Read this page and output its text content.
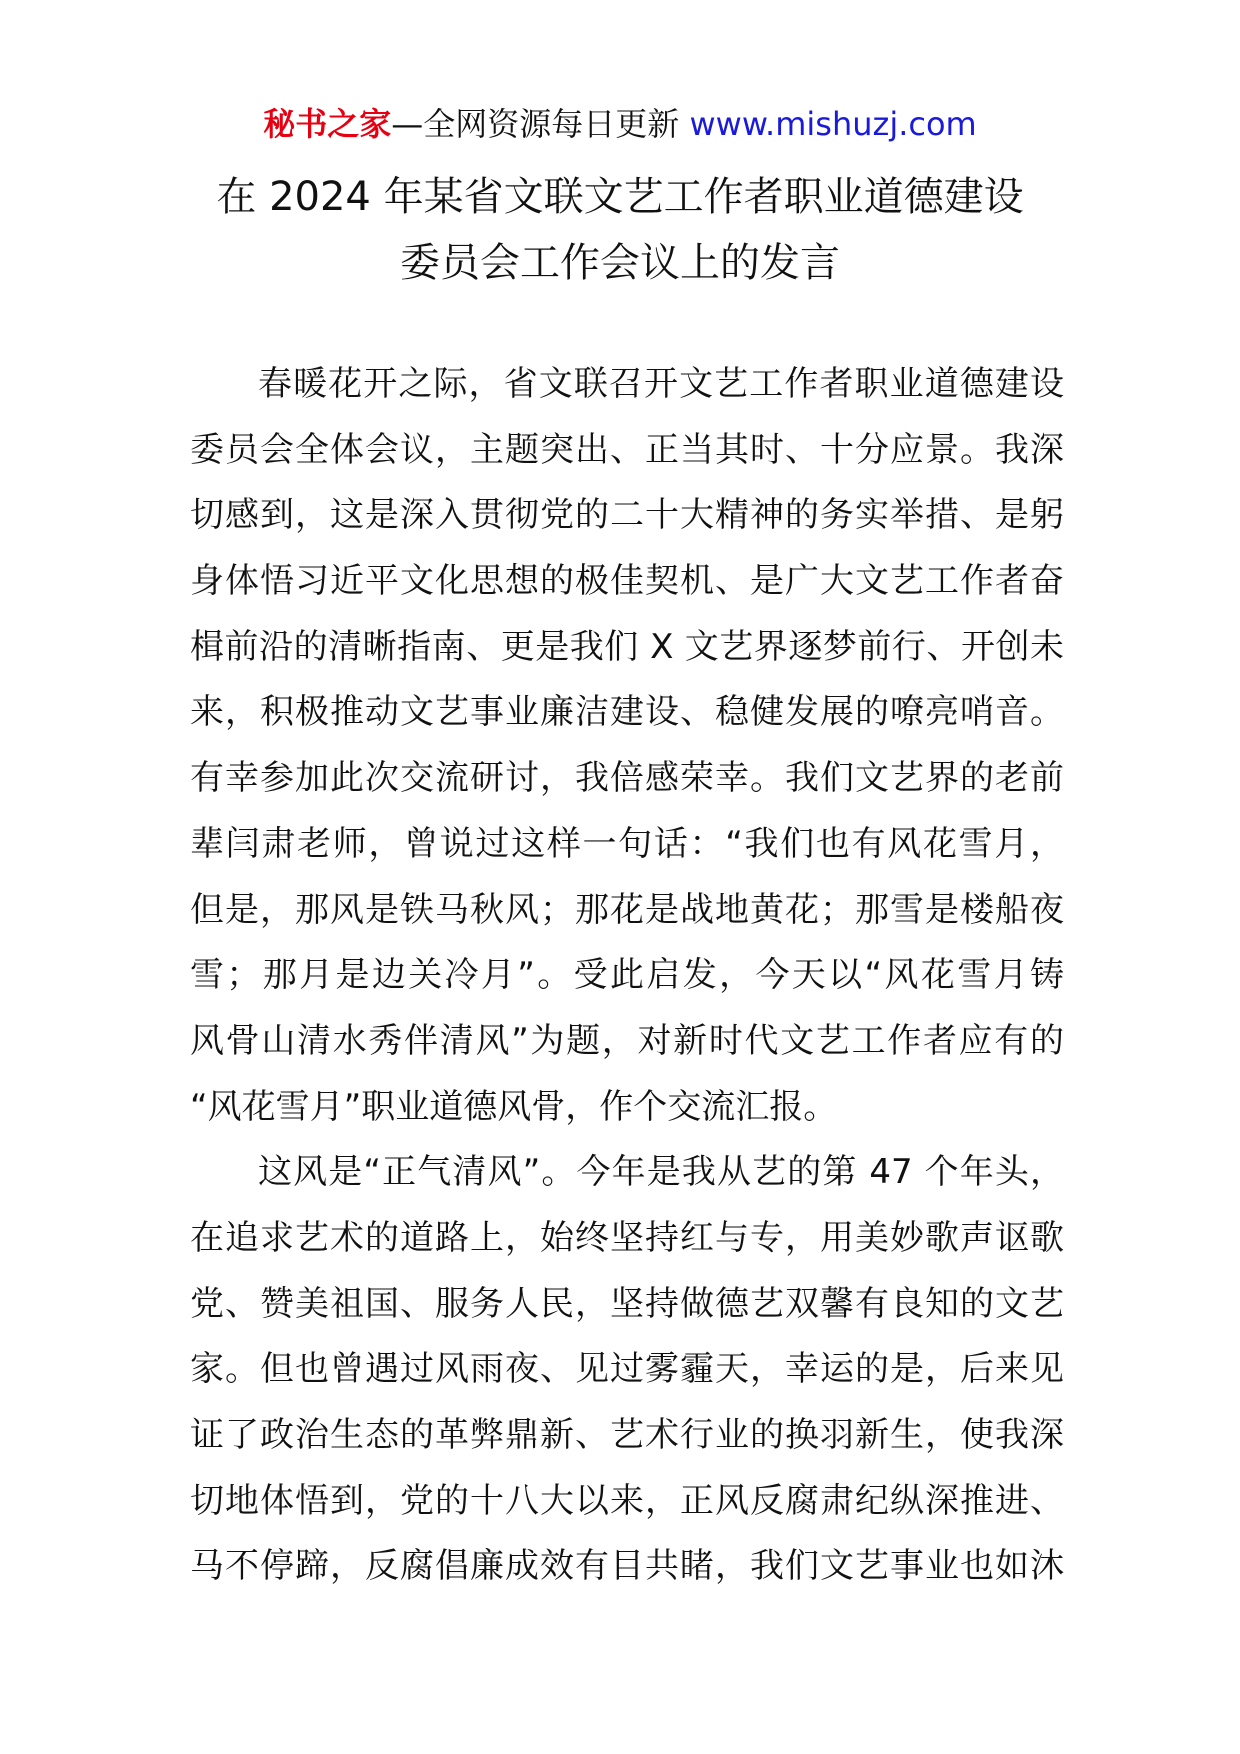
秘书之家—全网资源每日更新 www.mishuzj.com
在 2024 年某省文联文艺工作者职业道德建设
委员会工作会议上的发言
春暖花开之际，省文联召开文艺工作者职业道德建设
委员会全体会议，主题突出、正当其时、十分应景。我深
切感到，这是深入贯彻党的二十大精神的务实举措、是躬
身体悟习近平文化思想的极佳契机、是广大文艺工作者奋
楫前沿的清晰指南、更是我们 X 文艺界逐梦前行、开创未
来，积极推动文艺事业廉洁建设、稳健发展的嘹亮哨音。
有幸参加此次交流研讨，我倍感荣幸。我们文艺界的老前
辈闫肃老师，曾说过这样一句话：“我们也有风花雪月，
但是，那风是铁马秋风；那花是战地黄花；那雪是楼船夜
雪；那月是边关冷月”。受此启发，今天以“风花雪月铸
风骨山清水秀伴清风”为题，对新时代文艺工作者应有的
“风花雪月”职业道德风骨，作个交流汇报。
这风是“正气清风”。今年是我从艺的第 47 个年头，
在追求艺术的道路上，始终坚持红与专，用美妙歌声讴歌
党、赞美祖国、服务人民，坚持做德艺双馨有良知的文艺
家。但也曾遇过风雨夜、见过雾霾天，幸运的是，后来见
证了政治生态的革弊鼎新、艺术行业的换羽新生，使我深
切地体悟到，党的十八大以来，正风反腐肃纪纵深推进、
马不停蹄，反腐倡廉成效有目共睹，我们文艺事业也如沐
